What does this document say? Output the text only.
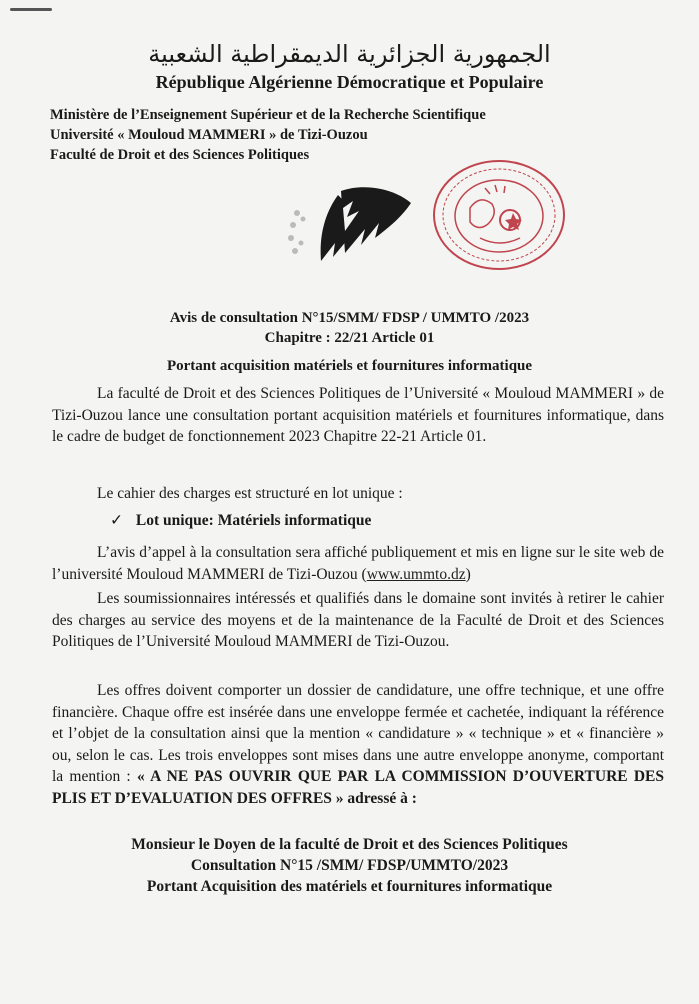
الجمهورية الجزائرية الديمقراطية الشعبية
République Algérienne Démocratique et Populaire
Ministère de l’Enseignement Supérieur et de la Recherche Scientifique
Université « Mouloud MAMMERI » de Tizi-Ouzou
Faculté de Droit et des Sciences Politiques
Avis de consultation N°15/SMM/ FDSP / UMMTO /2023
Chapitre : 22/21 Article 01
Portant acquisition matériels et fournitures informatique
La faculté de Droit et des Sciences Politiques de l’Université « Mouloud MAMMERI » de Tizi-Ouzou lance une consultation portant acquisition matériels et fournitures informatique, dans le cadre de budget de fonctionnement 2023 Chapitre 22-21 Article 01.
Le cahier des charges est structuré en lot unique :
✓ Lot unique: Matériels informatique
L’avis d’appel à la consultation sera affiché publiquement et mis en ligne sur le site web de l’université Mouloud MAMMERI de Tizi-Ouzou (www.ummto.dz)
Les soumissionnaires intéressés et qualifiés dans le domaine sont invités à retirer le cahier des charges au service des moyens et de la maintenance de la Faculté de Droit et des Sciences Politiques de l’Université Mouloud MAMMERI de Tizi-Ouzou.
Les offres doivent comporter un dossier de candidature, une offre technique, et une offre financière. Chaque offre est insérée dans une enveloppe fermée et cachetée, indiquant la référence et l’objet de la consultation ainsi que la mention « candidature » « technique » et « financière » ou, selon le cas. Les trois enveloppes sont mises dans une autre enveloppe anonyme, comportant la mention : « A NE PAS OUVRIR QUE PAR LA COMMISSION D’OUVERTURE DES PLIS ET D’EVALUATION DES OFFRES » adressé à :
Monsieur le Doyen de la faculté de Droit et des Sciences Politiques
Consultation N°15 /SMM/ FDSP/UMMTO/2023
Portant Acquisition des matériels et fournitures informatique
